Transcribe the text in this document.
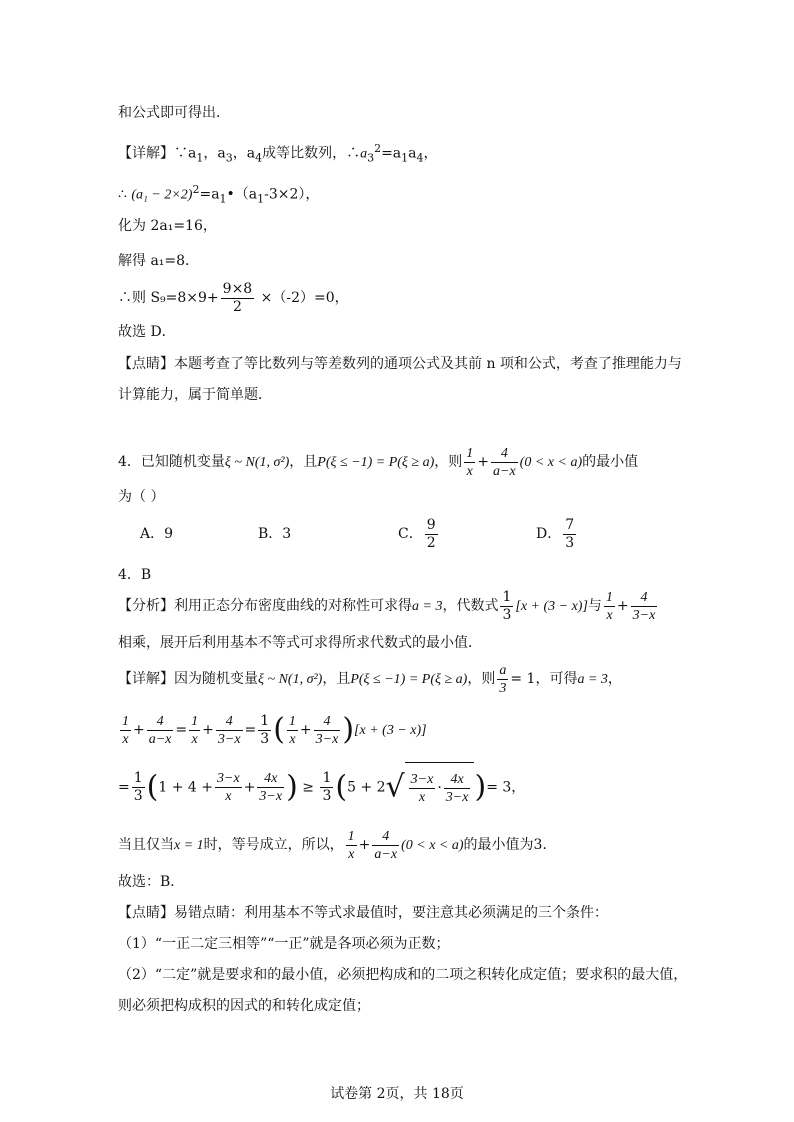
和公式即可得出．
【详解】$\because a_1$，$a_3$，$a_4$成等比数列，$\therefore a_3^2=a_1a_4$，
∴ $(a_1 - 2\times 2)^2=a_1•(a_1-3\times 2)$，
化为 2a₁=16，
解得 a₁=8．
∴则 $S_9=8\times 9+ \frac{9\times 8}{2} \times(-2)=0$，
故选 D．
【点睛】本题考查了等比数列与等差数列的通项公式及其前 n 项和公式，考查了推理能力与
计算能力，属于简单题．
4．已知随机变量ξ ~ N(1, σ²)，且P(ξ ≤ −1) = P(ξ ≥ a)，则 $\frac{1}{x} + \frac{4}{a-x} (0 < x < a)$的最小值
为（ ）
A．9	B．3	C． $\frac{9}{2}$	D． $\frac{7}{3}$
4．B
【分析】利用正态分布密度曲线的对称性可求得a = 3，代数式 $\frac{1}{3} [x + (3 - x)]$与 $\frac{1}{x} + \frac{4}{3-x}$
相乘，展开后利用基本不等式可求得所求代数式的最小值．
【详解】因为随机变量ξ ~ N(1, σ²)，且P(ξ ≤ −1) = P(ξ ≥ a)，则 $\frac{a}{3} = 1$，可得a = 3，
$\frac{1}{x} + \frac{4}{a-x} = \frac{1}{x} + \frac{4}{3-x} = \frac{1}{3}$ ( $\frac{1}{x} + \frac{4}{3-x} )[x + (3 - x)]$
= $\frac{1}{3} (1 + 4 + \frac{3-x}{x} + \frac{4x}{3-x}$ ) ≥ $\frac{1}{3} (5 + 2√ \frac{3-x}{x} \cdot \frac{4x}{3-x}$ )= 3，
当且仅当x = 1时，等号成立，所以， $\frac{1}{x} + \frac{4}{a-x} (0 < x < a)$的最小值为3．
故选：B．
【点睛】易错点睛：利用基本不等式求最值时，要注意其必须满足的三个条件：
（1）“一正二定三相等”“一正”就是各项必须为正数；
（2）“二定”就是要求和的最小值，必须把构成和的二项之积转化成定值；要求积的最大值，
则必须把构成积的因式的和转化成定值；
试卷第 2页，共 18页
